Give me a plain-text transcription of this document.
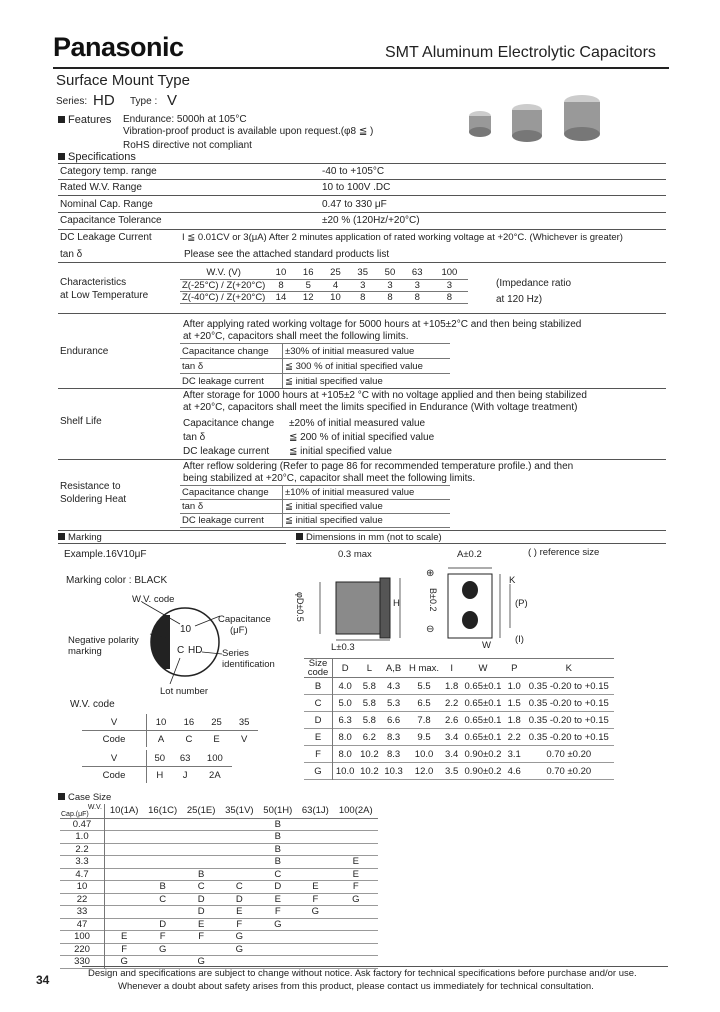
Panasonic	SMT Aluminum Electrolytic Capacitors
Surface Mount Type
Series: HD Type : V
Features Endurance: 5000h at 105°C
Vibration-proof product is available upon request.(φ8 ≦ )
RoHS directive not compliant
Specifications
Category temp. range	-40 to +105°C
Rated W.V. Range	10 to 100V .DC
Nominal Cap. Range	0.47 to 330 μF
Capacitance Tolerance	±20 % (120Hz/+20°C)
DC Leakage Current	I ≦ 0.01CV or 3(μA) After 2 minutes application of rated working voltage at +20°C. (Whichever is greater)
tan δ	Please see the attached standard products list
Characteristics
at Low Temperature
W.V. (V)	10	16	25	35	50	63	100
Z(-25°C) / Z(+20°C)	8	5	4	3	3	3	3
Z(-40°C) / Z(+20°C)	14	12	10	8	8	8	8
(Impedance ratio
at 120 Hz)
After applying rated working voltage for 5000 hours at +105±2°C and then being stabilized
at +20°C, capacitors shall meet the following limits.
Endurance	Capacitance change	±30% of initial measured value
tan δ	≦ 300 % of initial specified value
DC leakage current	≦ initial specified value
After storage for 1000 hours at +105±2 °C with no voltage applied and then being stabilized
at +20°C, capacitors shall meet the limits specified in Endurance (With voltage treatment)
Shelf Life	Capacitance change ±20% of initial measured value
tan δ	≦ 200 % of initial specified value
DC leakage current ≦ initial specified value
After reflow soldering (Refer to page 86 for recommended temperature profile.) and then
being stabilized at +20°C, capacitor shall meet the following limits.
Resistance to
Soldering Heat
Capacitance change	±10% of initial measured value
tan δ	≦ initial specified value
DC leakage current	≦ initial specified value
Marking
Example.16V10μF
Marking color : BLACK
W.V. code
Capacitance
(μF)
Negative polarity
marking	Series
identification
Lot number
10
C HD
W.V. code
V	10	16	25	35
Code	A	C	E	V
V	50	63	100
Code	H	J	2A
Dimensions in mm (not to scale)
( ) reference size
0.3 max	A±0.2
φD±0.5	H
L±0.3
B±0.2
⊕
⊖
K
(P)
(I)
W
Size code	D	L	A,B	H max.	I	W	P	K
B	4.0	5.8	4.3	5.5	1.8	0.65±0.1	1.0	0.35 -0.20 to +0.15
C	5.0	5.8	5.3	6.5	2.2	0.65±0.1	1.5	0.35 -0.20 to +0.15
D	6.3	5.8	6.6	7.8	2.6	0.65±0.1	1.8	0.35 -0.20 to +0.15
E	8.0	6.2	8.3	9.5	3.4	0.65±0.1	2.2	0.35 -0.20 to +0.15
F	8.0	10.2	8.3	10.0	3.4	0.90±0.2	3.1	0.70 ±0.20
G	10.0	10.2	10.3	12.0	3.5	0.90±0.2	4.6	0.70 ±0.20
Case Size
W.V.
Cap.(μF)	10(1A)	16(1C)	25(1E)	35(1V)	50(1H)	63(1J)	100(2A)
0.47					B		
1.0					B		
2.2					B		
3.3					B		E
4.7			B		C		E
10		B	C	C	D	E	F
22		C	D	D	E	F	G
33			D	E	F	G	
47		D	E	F	G		
100	E	F	F	G			
220	F	G		G			
330	G		G				
34	Design and specifications are subject to change without notice. Ask factory for technical specifications before purchase and/or use.
Whenever a doubt about safety arises from this product, please contact us immediately for technical consultation.
